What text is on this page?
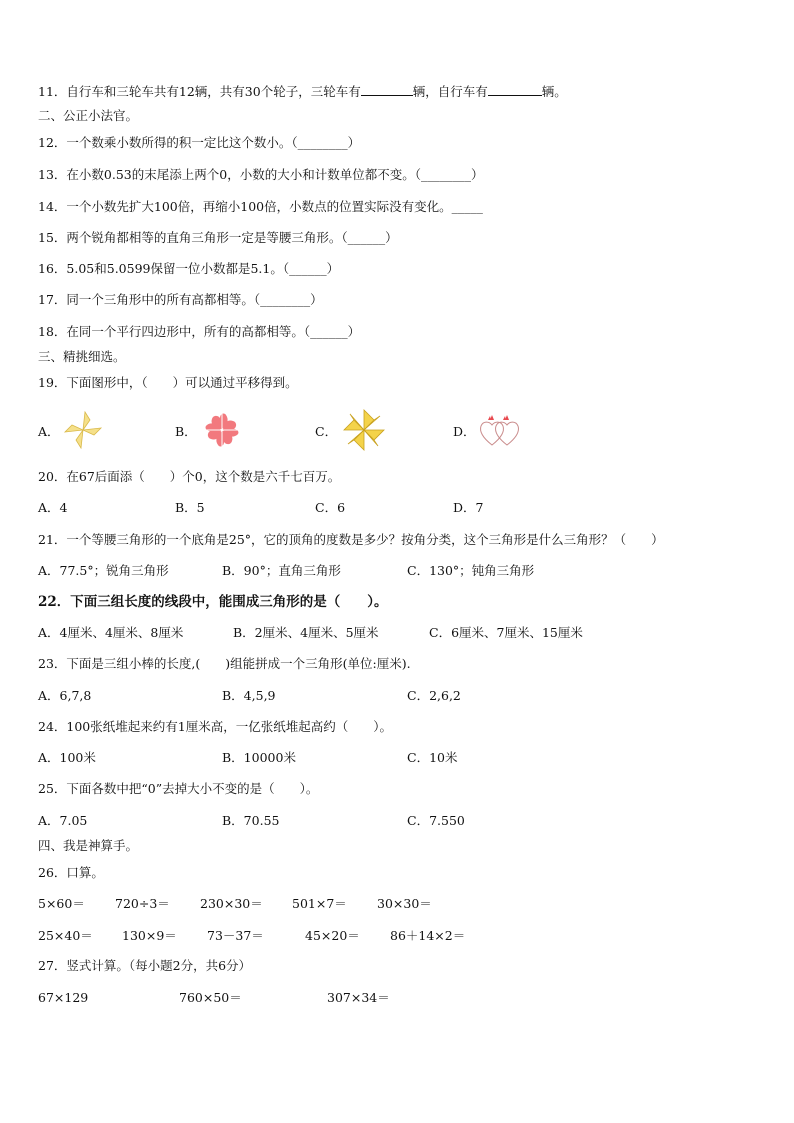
11．自行车和三轮车共有12辆，共有30个轮子，三轮车有	辆，自行车有	辆。
二、公正小法官。
12．一个数乘小数所得的积一定比这个数小。（________）
13．在小数0.53的末尾添上两个0，小数的大小和计数单位都不变。（________）
14．一个小数先扩大100倍，再缩小100倍，小数点的位置实际没有变化。_____
15．两个锐角都相等的直角三角形一定是等腰三角形。（______）
16．5.05和5.0599保留一位小数都是5.1。（______）
17．同一个三角形中的所有高都相等。（________）
18．在同一个平行四边形中，所有的高都相等。（______）
三、精挑细选。
19．下面图形中，（　　）可以通过平移得到。
A．	B．	C．	D．
20．在67后面添（　　）个0，这个数是六千七百万。
A．4	B．5	C．6	D．7
21．一个等腰三角形的一个底角是25°，它的顶角的度数是多少？按角分类，这个三角形是什么三角形？（　　）
A．77.5°；锐角三角形	B．90°；直角三角形	C．130°；钝角三角形
22．下面三组长度的线段中，能围成三角形的是（　　）。
A．4厘米、4厘米、8厘米	B．2厘米、4厘米、5厘米	C．6厘米、7厘米、15厘米
23．下面是三组小棒的长度,(　　)组能拼成一个三角形(单位:厘米).
A．6,7,8	B．4,5,9	C．2,6,2
24．100张纸堆起来约有1厘米高，一亿张纸堆起高约（　　）。
A．100米	B．10000米	C．10米
25．下面各数中把“0”去掉大小不变的是（　　）。
A．7.05	B．70.55	C．7.550
四、我是神算手。
26．口算。
5×60＝ 720÷3＝ 230×30＝ 501×7＝ 30×30＝
25×40＝ 130×9＝ 73－37＝	45×20＝ 86＋14×2＝
27．竖式计算。（每小题2分，共6分）
67×129	760×50＝	307×34＝
